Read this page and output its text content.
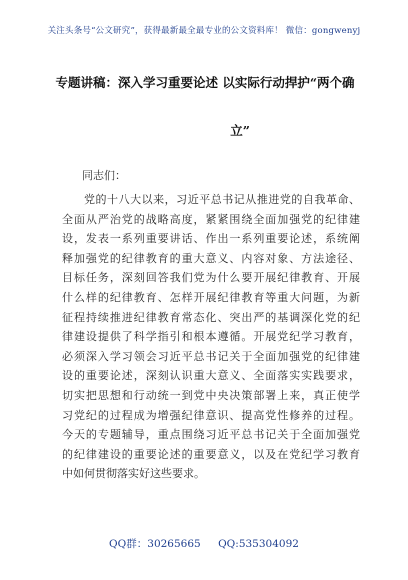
关注头条号“公文研究”，获得最新最全最专业的公文资料库！ 微信：gongwenyj
专题讲稿：深入学习重要论述 以实际行动捍护“两个确
立”
同志们：
党的十八大以来，习近平总书记从推进党的自我革命、
全面从严治党的战略高度，紧紧围绕全面加强党的纪律建
设，发表一系列重要讲话、作出一系列重要论述，系统阐
释加强党的纪律教育的重大意义、内容对象、方法途径、
目标任务，深刻回答我们党为什么要开展纪律教育、开展
什么样的纪律教育、怎样开展纪律教育等重大问题，为新
征程持续推进纪律教育常态化、突出严的基调深化党的纪
律建设提供了科学指引和根本遵循。开展党纪学习教育，
必须深入学习领会习近平总书记关于全面加强党的纪律建
设的重要论述，深刻认识重大意义、全面落实实践要求，
切实把思想和行动统一到党中央决策部署上来，真正使学
习党纪的过程成为增强纪律意识、提高党性修养的过程。
今天的专题辅导，重点围绕习近平总书记关于全面加强党
的纪律建设的重要论述的重要意义，以及在党纪学习教育
中如何贯彻落实好这些要求。
QQ群：30265665 QQ:535304092
